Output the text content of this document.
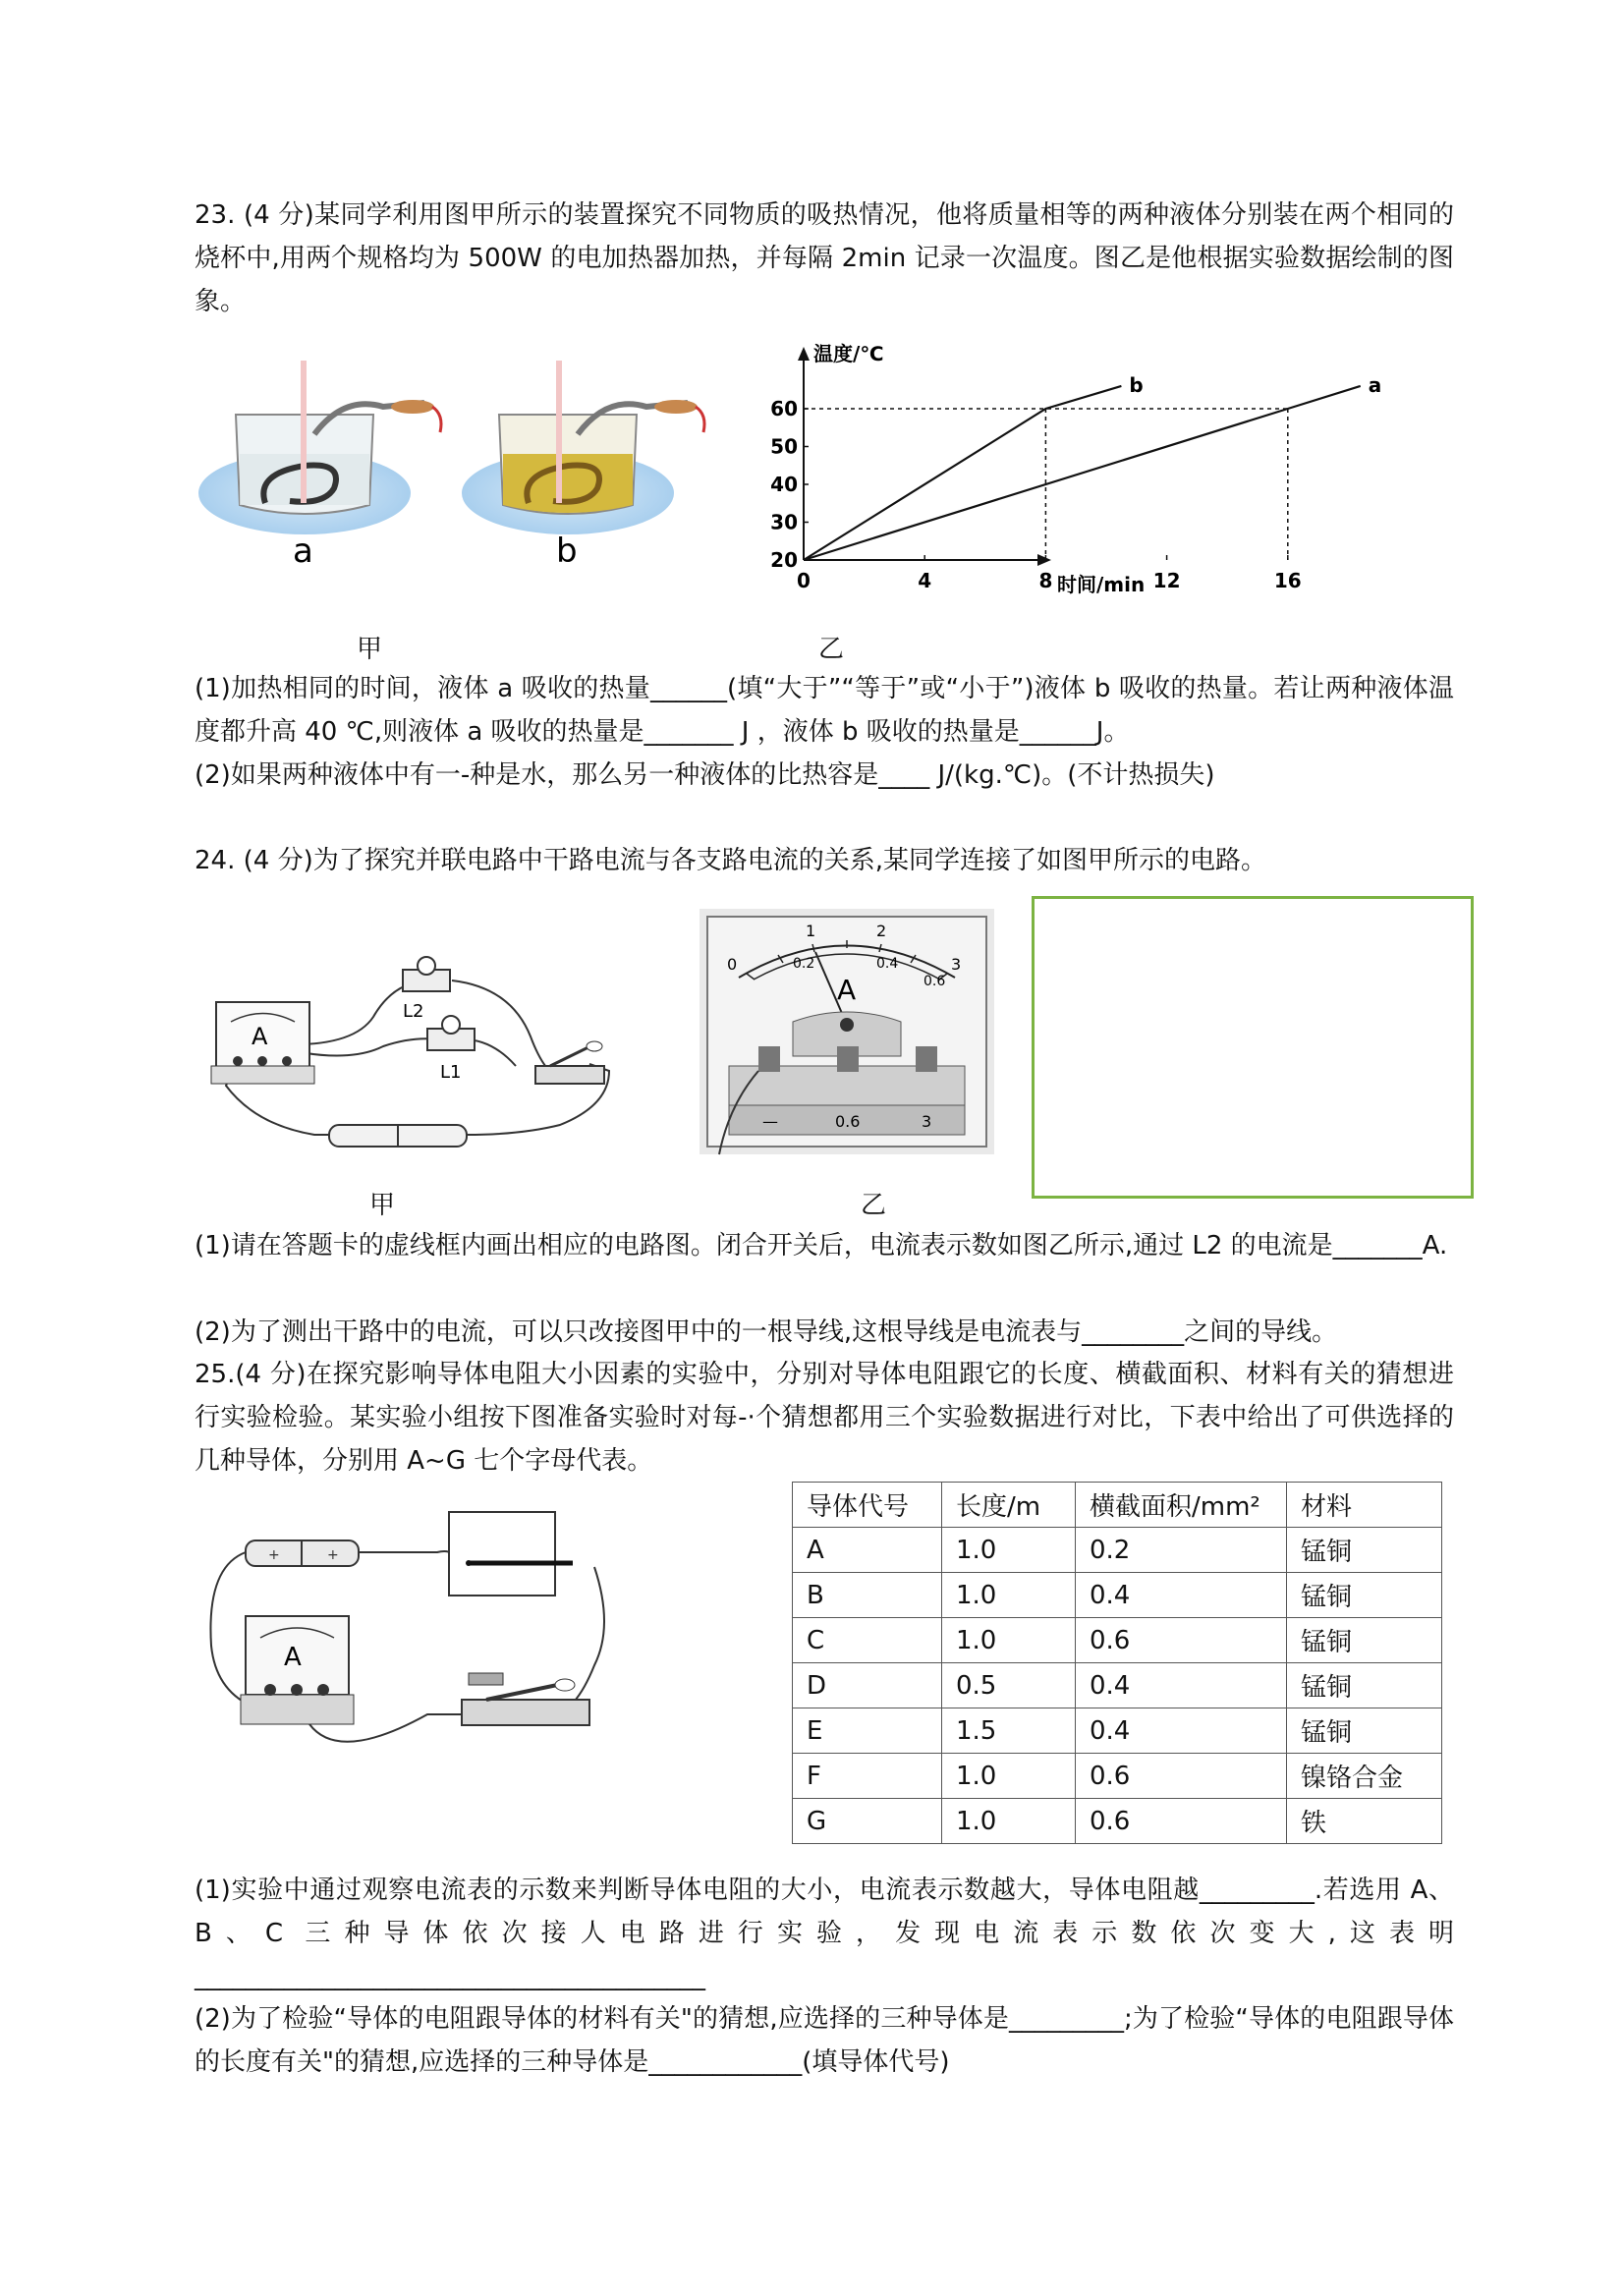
23. (4 分)某同学利用图甲所示的装置探究不同物质的吸热情况，他将质量相等的两种液体分别装在两个相同的烧杯中,用两个规格均为 500W 的电加热器加热，并每隔 2min 记录一次温度。图乙是他根据实验数据绘制的图象。

a	b
0	4	8	12	16
20
30
40
50
60
b	a
温度/℃
时间/min
甲	乙

(1)加热相同的时间，液体 a 吸收的热量______(填“大于”“等于”或“小于”)液体 b 吸收的热量。若让两种液体温度都升高 40 ℃,则液体 a 吸收的热量是_______ J ，液体 b 吸收的热量是______J。

(2)如果两种液体中有一-种是水，那么另一种液体的比热容是____ J/(kg.℃)。(不计热损失)

24. (4 分)为了探究并联电路中干路电流与各支路电流的关系,某同学连接了如图甲所示的电路。

A
L2
L1
0
1	2
3
0.2	0.4
0.6
A
—	0.6	3
甲	乙

(1)请在答题卡的虚线框内画出相应的电路图。闭合开关后，电流表示数如图乙所示,通过 L2 的电流是_______A.

(2)为了测出干路中的电流，可以只改接图甲中的一根导线,这根导线是电流表与________之间的导线。

25.(4 分)在探究影响导体电阻大小因素的实验中，分别对导体电阻跟它的长度、横截面积、材料有关的猜想进行实验检验。某实验小组按下图准备实验时对每-·个猜想都用三个实验数据进行对比，下表中给出了可供选择的几种导体，分别用 A~G 七个字母代表。

+	+
A
导体代号	长度/m	横截面积/mm²	材料
A	1.0	0.2	锰铜
B	1.0	0.4	锰铜
C	1.0	0.6	锰铜
D	0.5	0.4	锰铜
E	1.5	0.4	锰铜
F	1.0	0.6	镍铬合金
G	1.0	0.6	铁

(1)实验中通过观察电流表的示数来判断导体电阻的大小，电流表示数越大，导体电阻越_________.若选用 A、B、C 三种导体依次接人电路进行实验，发现电流表示数依次变大,这表明________________________________________

(2)为了检验“导体的电阻跟导体的材料有关"的猜想,应选择的三种导体是_________;为了检验“导体的电阻跟导体的长度有关"的猜想,应选择的三种导体是____________(填导体代号)
